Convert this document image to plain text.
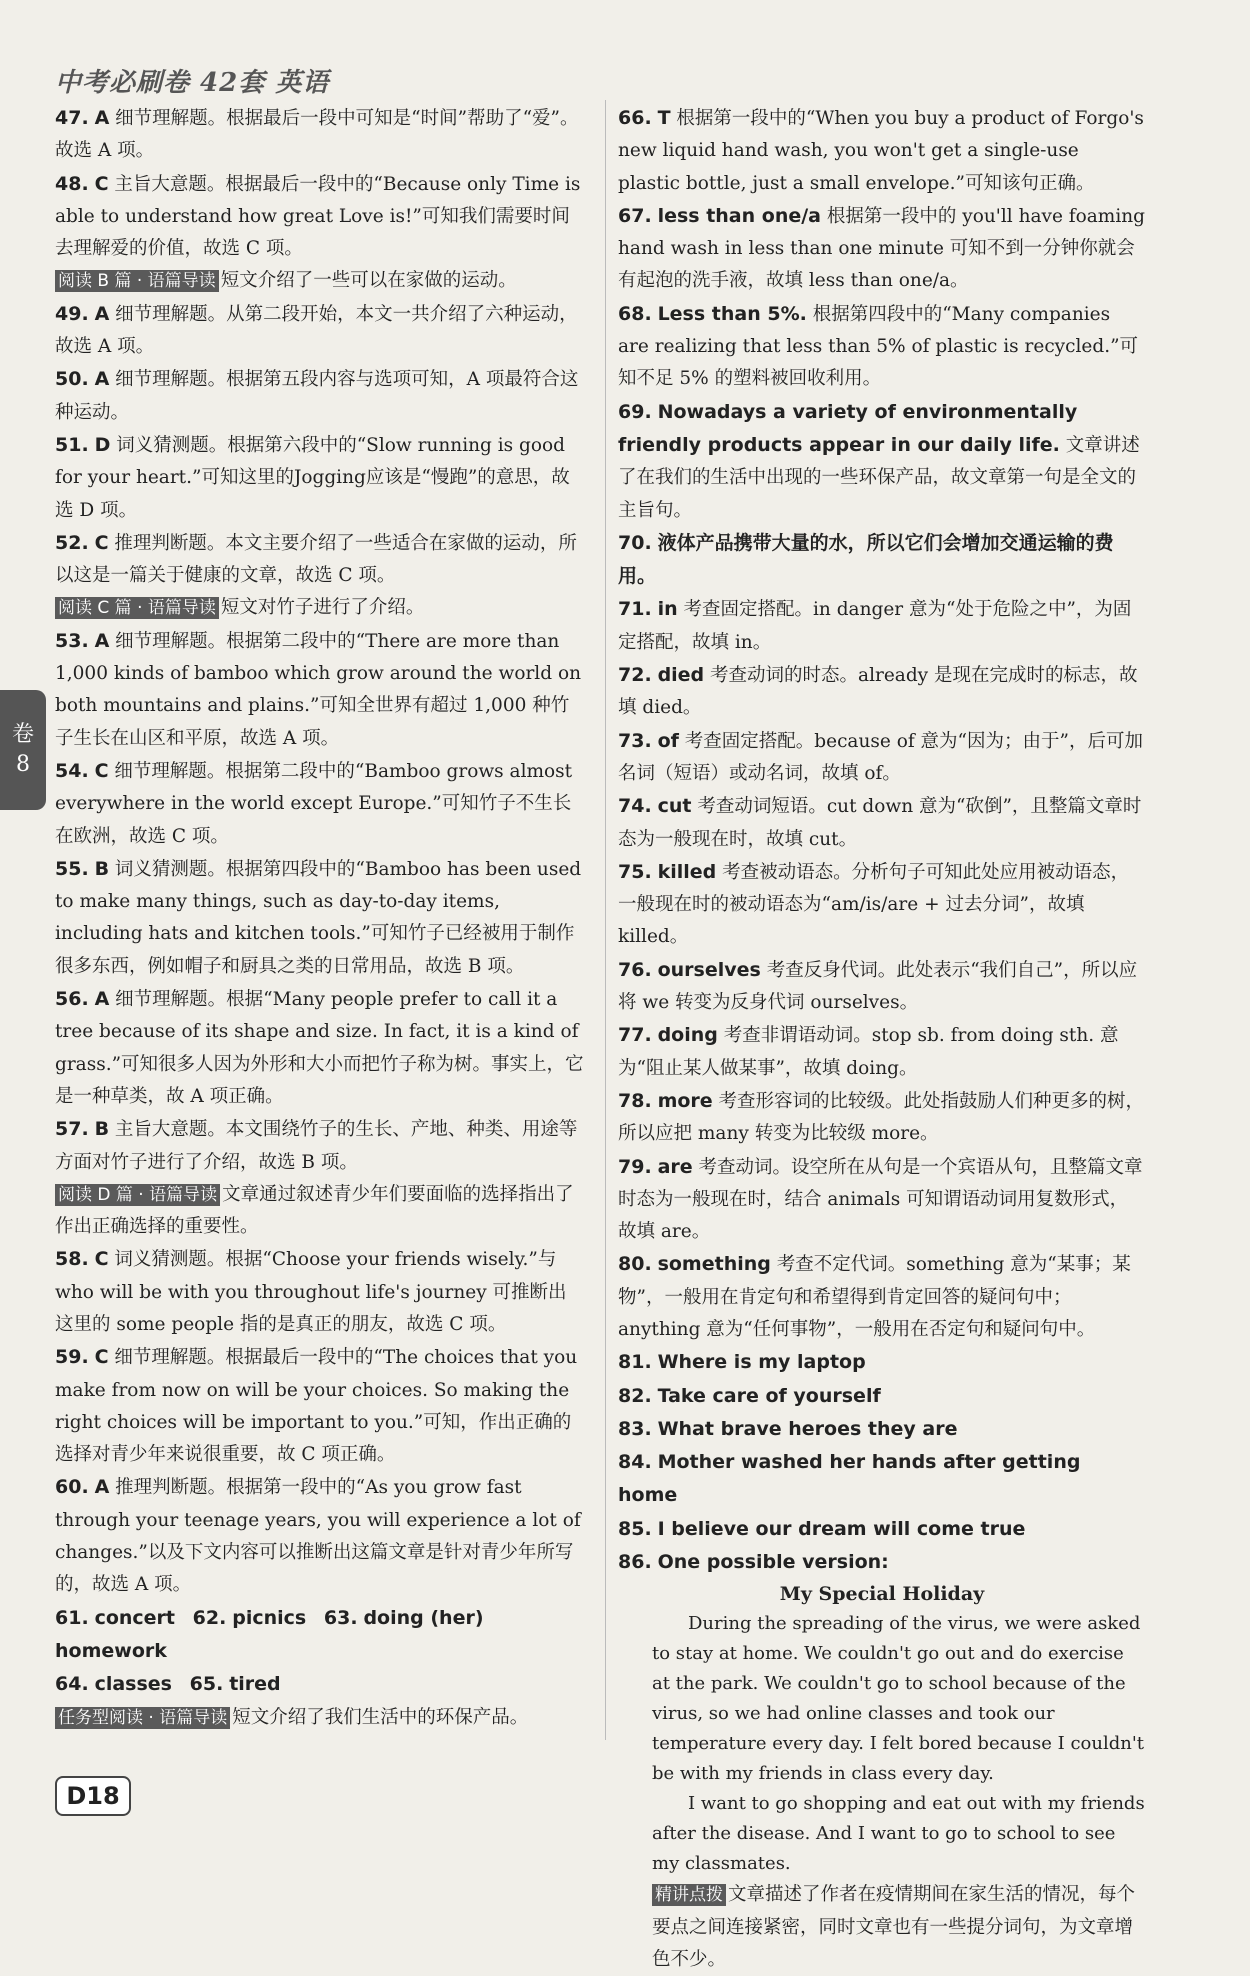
中考必刷卷 42套 英语
卷
8

47. A 细节理解题。根据最后一段中可知是“时间”帮助了“爱”。故选 A 项。

48. C 主旨大意题。根据最后一段中的“Because only Time is able to understand how great Love is!”可知我们需要时间去理解爱的价值，故选 C 项。

阅读 B 篇 · 语篇导读 短文介绍了一些可以在家做的运动。

49. A 细节理解题。从第二段开始，本文一共介绍了六种运动，故选 A 项。

50. A 细节理解题。根据第五段内容与选项可知，A 项最符合这种运动。

51. D 词义猜测题。根据第六段中的“Slow running is good for your heart.”可知这里的Jogging应该是“慢跑”的意思，故选 D 项。

52. C 推理判断题。本文主要介绍了一些适合在家做的运动，所以这是一篇关于健康的文章，故选 C 项。

阅读 C 篇 · 语篇导读 短文对竹子进行了介绍。

53. A 细节理解题。根据第二段中的“There are more than 1,000 kinds of bamboo which grow around the world on both mountains and plains.”可知全世界有超过 1,000 种竹子生长在山区和平原，故选 A 项。

54. C 细节理解题。根据第二段中的“Bamboo grows almost everywhere in the world except Europe.”可知竹子不生长在欧洲，故选 C 项。

55. B 词义猜测题。根据第四段中的“Bamboo has been used to make many things, such as day-to-day items, including hats and kitchen tools.”可知竹子已经被用于制作很多东西，例如帽子和厨具之类的日常用品，故选 B 项。

56. A 细节理解题。根据“Many people prefer to call it a tree because of its shape and size. In fact, it is a kind of grass.”可知很多人因为外形和大小而把竹子称为树。事实上，它是一种草类，故 A 项正确。

57. B 主旨大意题。本文围绕竹子的生长、产地、种类、用途等方面对竹子进行了介绍，故选 B 项。

阅读 D 篇 · 语篇导读 文章通过叙述青少年们要面临的选择指出了作出正确选择的重要性。

58. C 词义猜测题。根据“Choose your friends wisely.”与 who will be with you throughout life's journey 可推断出这里的 some people 指的是真正的朋友，故选 C 项。

59. C 细节理解题。根据最后一段中的“The choices that you make from now on will be your choices. So making the right choices will be important to you.”可知，作出正确的选择对青少年来说很重要，故 C 项正确。

60. A 推理判断题。根据第一段中的“As you grow fast through your teenage years, you will experience a lot of changes.”以及下文内容可以推断出这篇文章是针对青少年所写的，故选 A 项。

61. concert 62. picnics 63. doing (her) homework

64. classes 65. tired

任务型阅读 · 语篇导读 短文介绍了我们生活中的环保产品。

66. T 根据第一段中的“When you buy a product of Forgo's new liquid hand wash, you won't get a single-use plastic bottle, just a small envelope.”可知该句正确。

67. less than one/a 根据第一段中的 you'll have foaming hand wash in less than one minute 可知不到一分钟你就会有起泡的洗手液，故填 less than one/a。

68. Less than 5%. 根据第四段中的“Many companies are realizing that less than 5% of plastic is recycled.”可知不足 5% 的塑料被回收利用。

69. Nowadays a variety of environmentally friendly products appear in our daily life. 文章讲述了在我们的生活中出现的一些环保产品，故文章第一句是全文的主旨句。

70. 液体产品携带大量的水，所以它们会增加交通运输的费用。

71. in 考查固定搭配。in danger 意为“处于危险之中”，为固定搭配，故填 in。

72. died 考查动词的时态。already 是现在完成时的标志，故填 died。

73. of 考查固定搭配。because of 意为“因为；由于”，后可加名词（短语）或动名词，故填 of。

74. cut 考查动词短语。cut down 意为“砍倒”，且整篇文章时态为一般现在时，故填 cut。

75. killed 考查被动语态。分析句子可知此处应用被动语态，一般现在时的被动语态为“am/is/are + 过去分词”，故填 killed。

76. ourselves 考查反身代词。此处表示“我们自己”，所以应将 we 转变为反身代词 ourselves。

77. doing 考查非谓语动词。stop sb. from doing sth. 意为“阻止某人做某事”，故填 doing。

78. more 考查形容词的比较级。此处指鼓励人们种更多的树，所以应把 many 转变为比较级 more。

79. are 考查动词。设空所在从句是一个宾语从句，且整篇文章时态为一般现在时，结合 animals 可知谓语动词用复数形式，故填 are。

80. something 考查不定代词。something 意为“某事；某物”，一般用在肯定句和希望得到肯定回答的疑问句中；anything 意为“任何事物”，一般用在否定句和疑问句中。

81. Where is my laptop

82. Take care of yourself

83. What brave heroes they are

84. Mother washed her hands after getting home

85. I believe our dream will come true

86. One possible version:

My Special Holiday

During the spreading of the virus, we were asked to stay at home. We couldn't go out and do exercise at the park. We couldn't go to school because of the virus, so we had online classes and took our temperature every day. I felt bored because I couldn't be with my friends in class every day.

I want to go shopping and eat out with my friends after the disease. And I want to go to school to see my classmates.

精讲点拨 文章描述了作者在疫情期间在家生活的情况，每个要点之间连接紧密，同时文章也有一些提分词句，为文章增色不少。

D18
